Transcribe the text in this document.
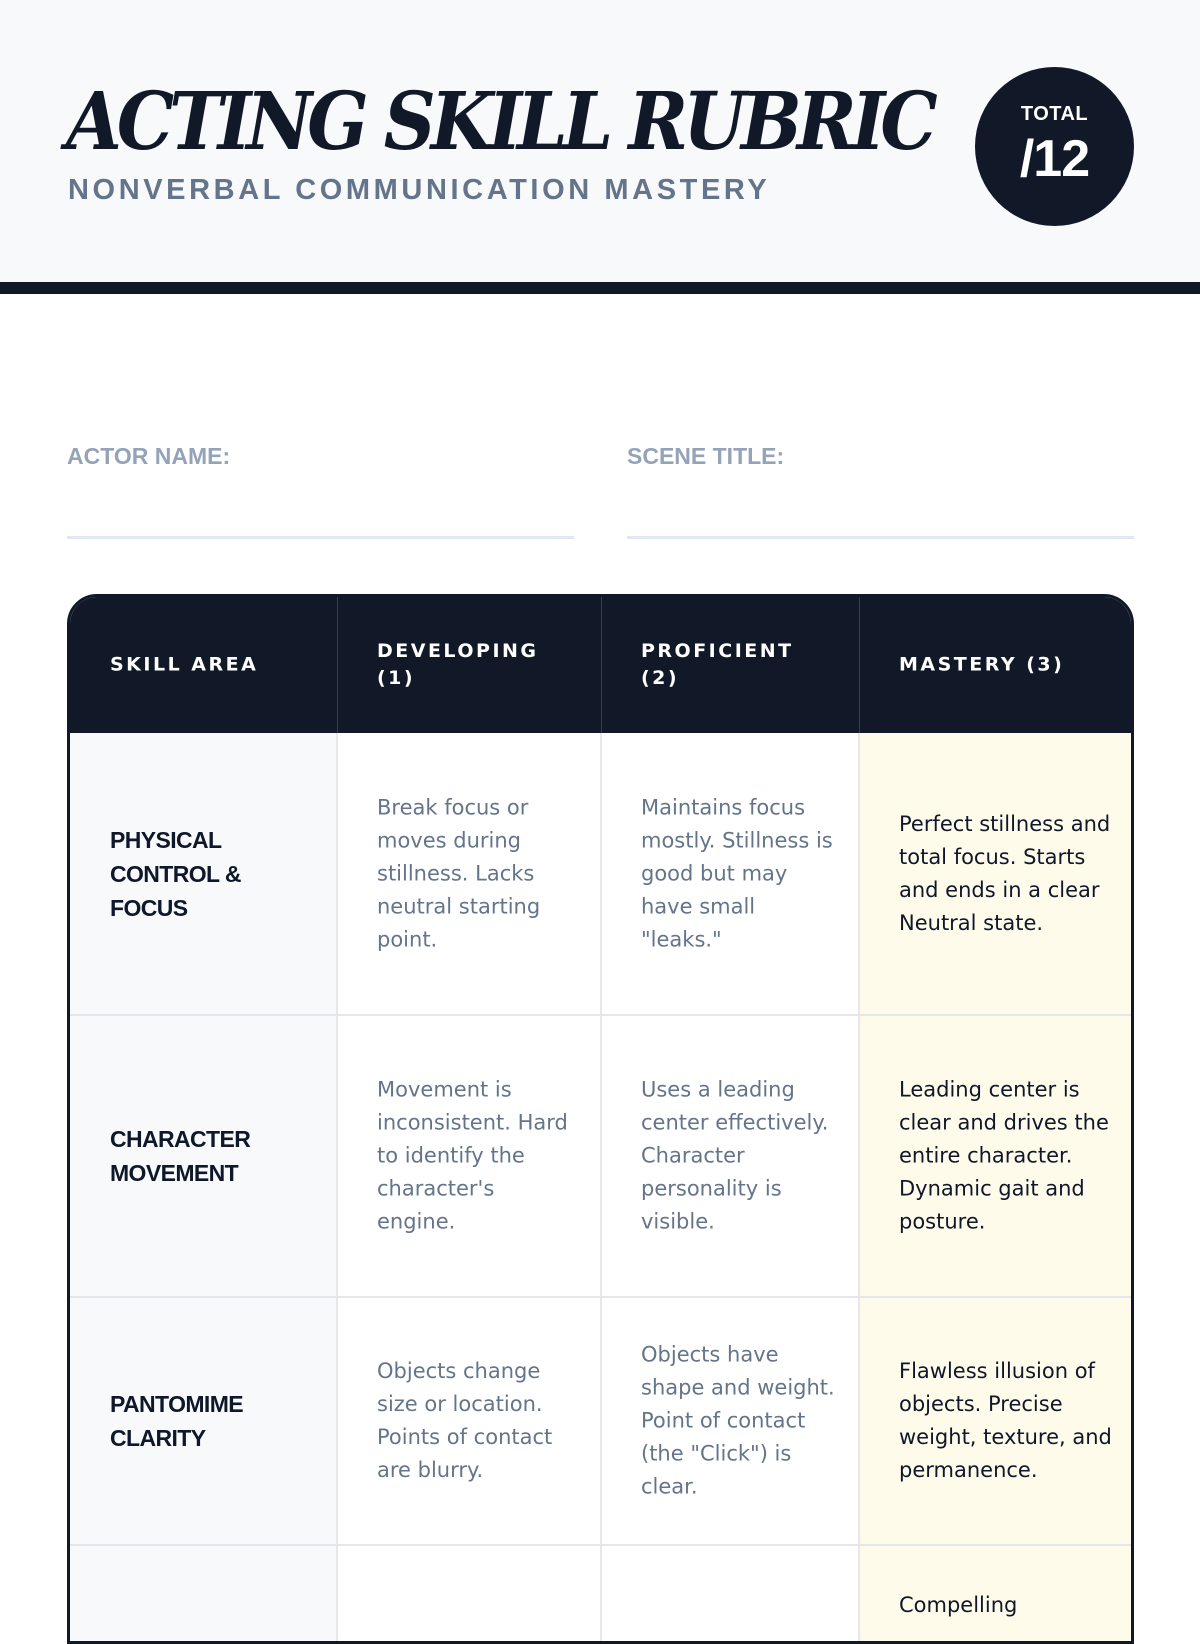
ACTING SKILL RUBRIC
NONVERBAL COMMUNICATION MASTERY
TOTAL
/12
ACTOR NAME:	SCENE TITLE:
SKILL AREA
DEVELOPING (1)
PROFICIENT (2)
MASTERY (3)
PHYSICAL CONTROL & FOCUS
Break focus or moves during stillness. Lacks neutral starting point.
Maintains focus mostly. Stillness is good but may have small "leaks."
Perfect stillness and total focus. Starts and ends in a clear Neutral state.
CHARACTER MOVEMENT
Movement is inconsistent. Hard to identify the character's engine.
Uses a leading center effectively. Character personality is visible.
Leading center is clear and drives the entire character. Dynamic gait and posture.
PANTOMIME CLARITY
Objects change size or location. Points of contact are blurry.
Objects have shape and weight. Point of contact (the "Click") is clear.
Flawless illusion of objects. Precise weight, texture, and permanence.
Compelling
